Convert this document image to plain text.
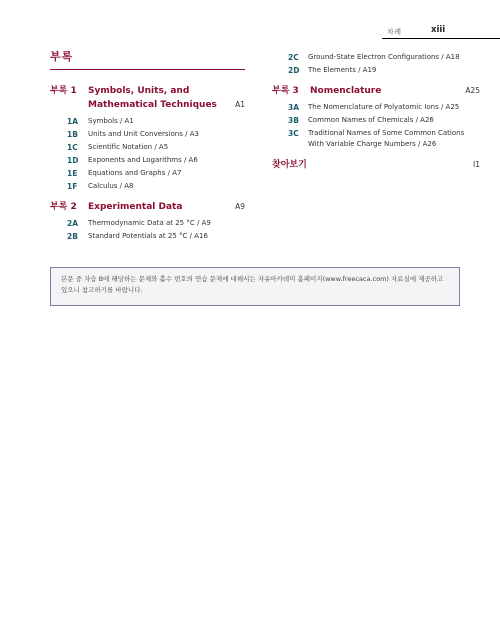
차례	xiii
부록
부록 1	Symbols, Units, and Mathematical Techniques	A1
1A Symbols / A1
1B Units and Unit Conversions / A3
1C Scientific Notation / A5
1D Exponents and Logarithms / A6
1E Equations and Graphs / A7
1F Calculus / A8
부록 2	Experimental Data	A9
2A Thermodynamic Data at 25 °C / A9
2B Standard Potentials at 25 °C / A16
2C Ground-State Electron Configurations / A18
2D The Elements / A19
부록 3	Nomenclature	A25
3A The Nomenclature of Polyatomic Ions / A25
3B Common Names of Chemicals / A26
3C Traditional Names of Some Common Cations With Variable Charge Numbers / A26
찾아보기	I1
본문 중 자습 B에 해당하는 문제와 홀수 번호의 연습 문제에 대해서는 자유아카데미 홈페이지(www.freecaca.com) 자료실에 제공하고
있으니 참고하기를 바랍니다.
